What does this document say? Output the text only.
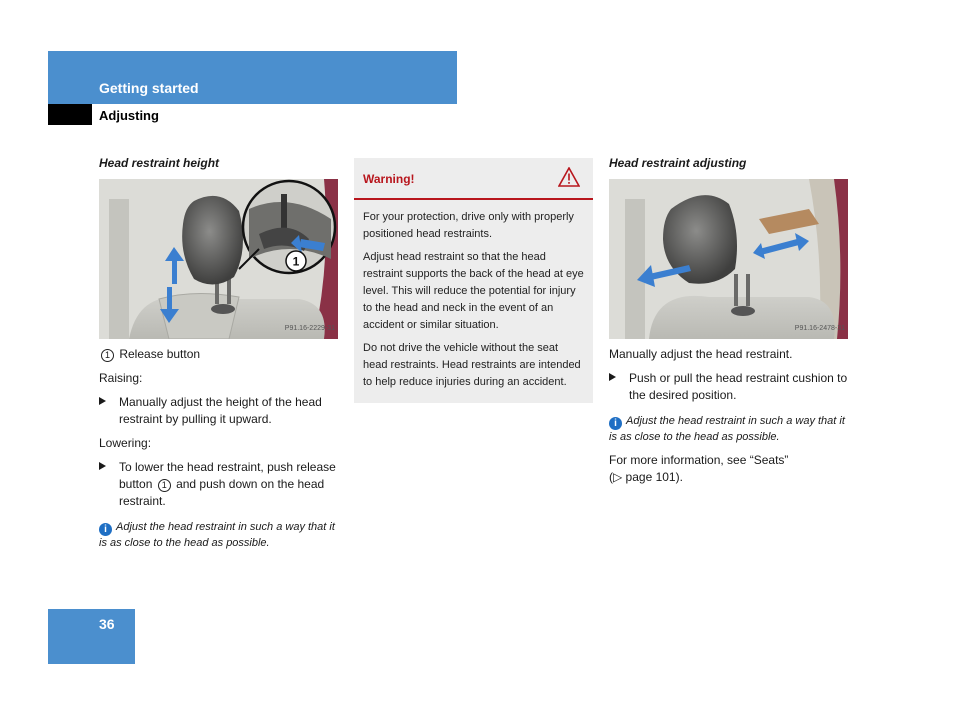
Getting started
Adjusting
Head restraint height
1
P91.16-2229-31

1 Release button

Raising:

Manually adjust the height of the head restraint by pulling it upward.

Lowering:

To lower the head restraint, push release button 1 and push down on the head restraint.

i Adjust the head restraint in such a way that it is as close to the head as possible.

Warning!

For your protection, drive only with properly positioned head restraints.

Adjust head restraint so that the head restraint supports the back of the head at eye level. This will reduce the potential for injury to the head and neck in the event of an accident or similar situation.

Do not drive the vehicle without the seat head restraints. Head restraints are intended to help reduce injuries during an accident.

Head restraint adjusting
P91.16-2478-31

Manually adjust the head restraint.

Push or pull the head restraint cushion to the desired position.

i Adjust the head restraint in such a way that it is as close to the head as possible.

For more information, see “Seats”
(▷ page 101).

36
